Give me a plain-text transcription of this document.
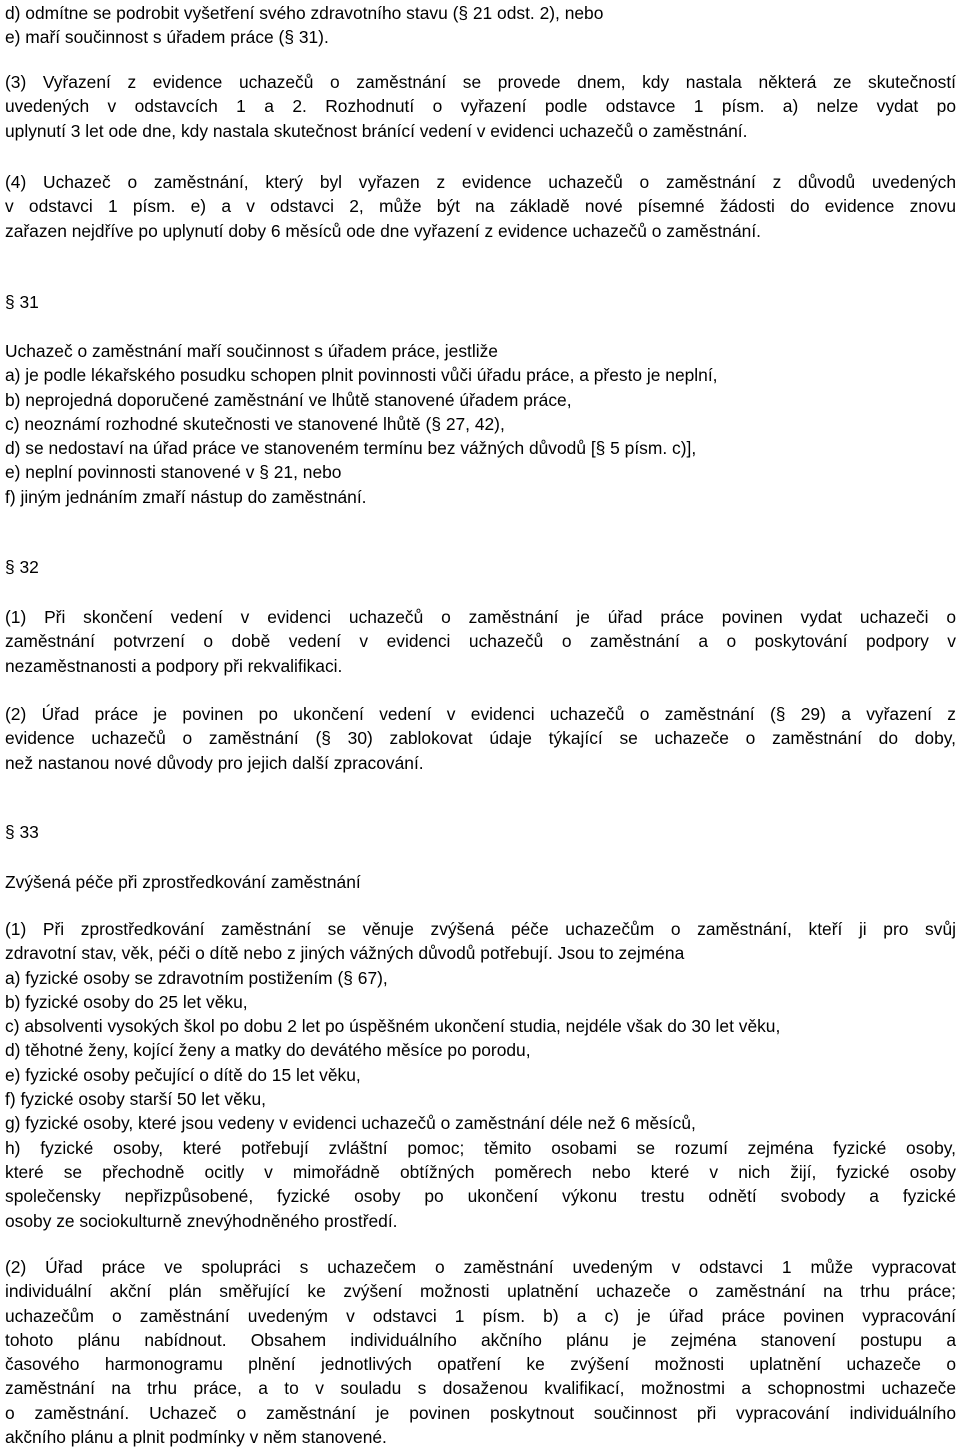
d) odmítne se podrobit vyšetření svého zdravotního stavu (§ 21 odst. 2), nebo
e) maří součinnost s úřadem práce (§ 31).
(3) Vyřazení z evidence uchazečů o zaměstnání se provede dnem, kdy nastala některá ze skutečností
uvedených v odstavcích 1 a 2. Rozhodnutí o vyřazení podle odstavce 1 písm. a) nelze vydat po
uplynutí 3 let ode dne, kdy nastala skutečnost bránící vedení v evidenci uchazečů o zaměstnání.
(4) Uchazeč o zaměstnání, který byl vyřazen z evidence uchazečů o zaměstnání z důvodů uvedených
v odstavci 1 písm. e) a v odstavci 2, může být na základě nové písemné žádosti do evidence znovu
zařazen nejdříve po uplynutí doby 6 měsíců ode dne vyřazení z evidence uchazečů o zaměstnání.
§ 31
Uchazeč o zaměstnání maří součinnost s úřadem práce, jestliže
a) je podle lékařského posudku schopen plnit povinnosti vůči úřadu práce, a přesto je neplní,
b) neprojedná doporučené zaměstnání ve lhůtě stanovené úřadem práce,
c) neoznámí rozhodné skutečnosti ve stanovené lhůtě (§ 27, 42),
d) se nedostaví na úřad práce ve stanoveném termínu bez vážných důvodů [§ 5 písm. c)],
e) neplní povinnosti stanovené v § 21, nebo
f) jiným jednáním zmaří nástup do zaměstnání.
§ 32
(1) Při skončení vedení v evidenci uchazečů o zaměstnání je úřad práce povinen vydat uchazeči o
zaměstnání potvrzení o době vedení v evidenci uchazečů o zaměstnání a o poskytování podpory v
nezaměstnanosti a podpory při rekvalifikaci.
(2) Úřad práce je povinen po ukončení vedení v evidenci uchazečů o zaměstnání (§ 29) a vyřazení z
evidence uchazečů o zaměstnání (§ 30) zablokovat údaje týkající se uchazeče o zaměstnání do doby,
než nastanou nové důvody pro jejich další zpracování.
§ 33
Zvýšená péče při zprostředkování zaměstnání
(1) Při zprostředkování zaměstnání se věnuje zvýšená péče uchazečům o zaměstnání, kteří ji pro svůj
zdravotní stav, věk, péči o dítě nebo z jiných vážných důvodů potřebují. Jsou to zejména
a) fyzické osoby se zdravotním postižením (§ 67),
b) fyzické osoby do 25 let věku,
c) absolventi vysokých škol po dobu 2 let po úspěšném ukončení studia, nejdéle však do 30 let věku,
d) těhotné ženy, kojící ženy a matky do devátého měsíce po porodu,
e) fyzické osoby pečující o dítě do 15 let věku,
f) fyzické osoby starší 50 let věku,
g) fyzické osoby, které jsou vedeny v evidenci uchazečů o zaměstnání déle než 6 měsíců,
h) fyzické osoby, které potřebují zvláštní pomoc; těmito osobami se rozumí zejména fyzické osoby,
které se přechodně ocitly v mimořádně obtížných poměrech nebo které v nich žijí, fyzické osoby
společensky nepřizpůsobené, fyzické osoby po ukončení výkonu trestu odnětí svobody a fyzické
osoby ze sociokulturně znevýhodněného prostředí.
(2) Úřad práce ve spolupráci s uchazečem o zaměstnání uvedeným v odstavci 1 může vypracovat
individuální akční plán směřující ke zvýšení možnosti uplatnění uchazeče o zaměstnání na trhu práce;
uchazečům o zaměstnání uvedeným v odstavci 1 písm. b) a c) je úřad práce povinen vypracování
tohoto plánu nabídnout. Obsahem individuálního akčního plánu je zejména stanovení postupu a
časového harmonogramu plnění jednotlivých opatření ke zvýšení možnosti uplatnění uchazeče o
zaměstnání na trhu práce, a to v souladu s dosaženou kvalifikací, možnostmi a schopnostmi uchazeče
o zaměstnání. Uchazeč o zaměstnání je povinen poskytnout součinnost při vypracování individuálního
akčního plánu a plnit podmínky v něm stanovené.
